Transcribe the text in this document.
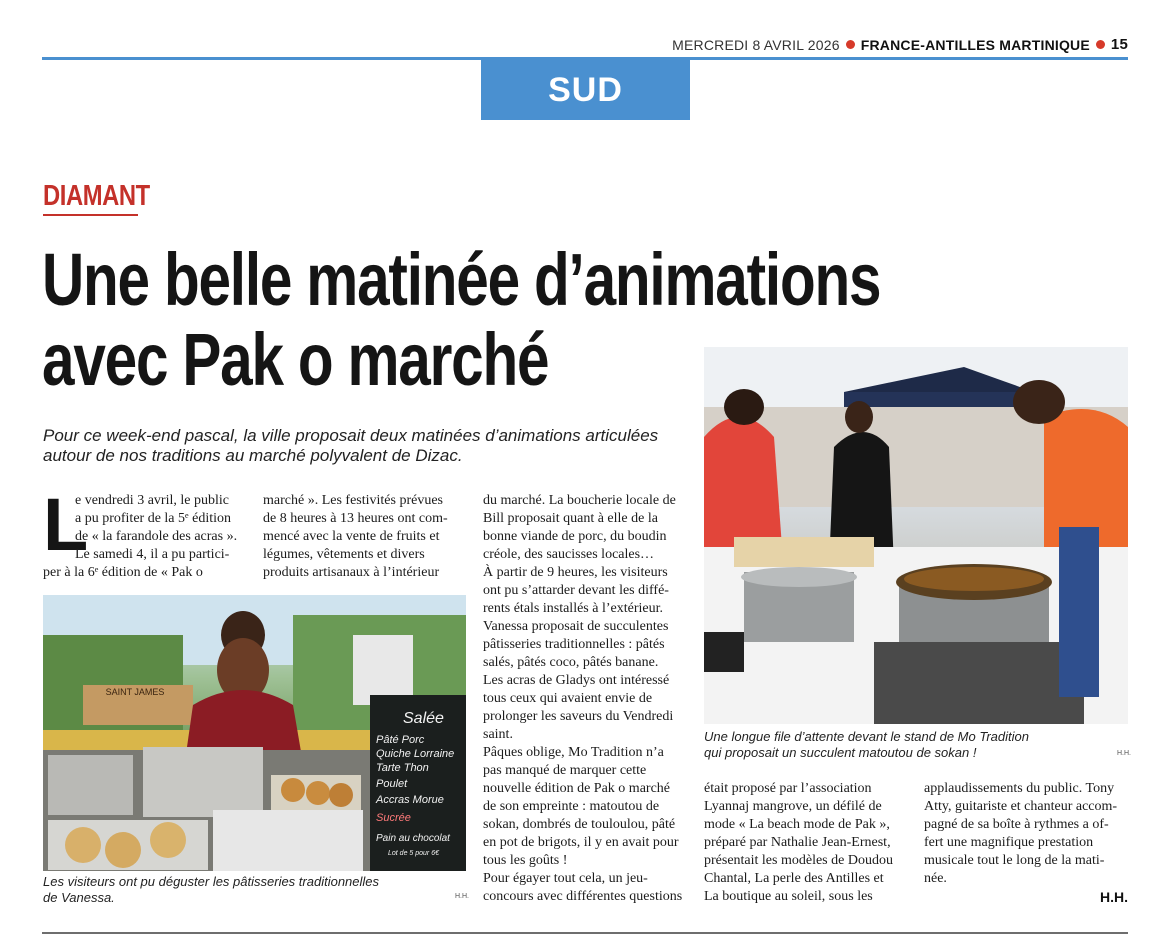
MERCREDI 8 AVRIL 2026 FRANCE-ANTILLES MARTINIQUE 15
SUD
DIAMANT
Une belle matinée d’animations
avec Pak o marché

Pour ce week-end pascal, la ville proposait deux matinées d’animations articulées
autour de nos traditions au marché polyvalent de Dizac.

L
e vendredi 3 avril, le public
a pu profiter de la 5ᵉ édition
de « la farandole des acras ».
Le samedi 4, il a pu partici-
per à la 6ᵉ édition de « Pak o
marché ». Les festivités prévues
de 8 heures à 13 heures ont com-
mencé avec la vente de fruits et
légumes, vêtements et divers
produits artisanaux à l’intérieur
SAINT JAMES
Salée
Pâté Porc
Quiche Lorraine
Tarte Thon
Poulet
Accras Morue
Sucrée
Pain au chocolat
Lot de 5 pour 6€

Les visiteurs ont pu déguster les pâtisseries traditionnelles
de Vanessa.	H.H.
du marché. La boucherie locale de
Bill proposait quant à elle de la
bonne viande de porc, du boudin
créole, des saucisses locales…
À partir de 9 heures, les visiteurs
ont pu s’attarder devant les diffé-
rents étals installés à l’extérieur.
Vanessa proposait de succulentes
pâtisseries traditionnelles : pâtés
salés, pâtés coco, pâtés banane.
Les acras de Gladys ont intéressé
tous ceux qui avaient envie de
prolonger les saveurs du Vendredi
saint.
Pâques oblige, Mo Tradition n’a
pas manqué de marquer cette
nouvelle édition de Pak o marché
de son empreinte : matoutou de
sokan, dombrés de touloulou, pâté
en pot de brigots, il y en avait pour
tous les goûts !
Pour égayer tout cela, un jeu-
concours avec différentes questions

Une longue file d’attente devant le stand de Mo Tradition
qui proposait un succulent matoutou de sokan !	H.H.
était proposé par l’association
Lyannaj mangrove, un défilé de
mode « La beach mode de Pak »,
préparé par Nathalie Jean-Ernest,
présentait les modèles de Doudou
Chantal, La perle des Antilles et
La boutique au soleil, sous les
applaudissements du public. Tony
Atty, guitariste et chanteur accom-
pagné de sa boîte à rythmes a of-
fert une magnifique prestation
musicale tout le long de la mati-
née.
H.H.
